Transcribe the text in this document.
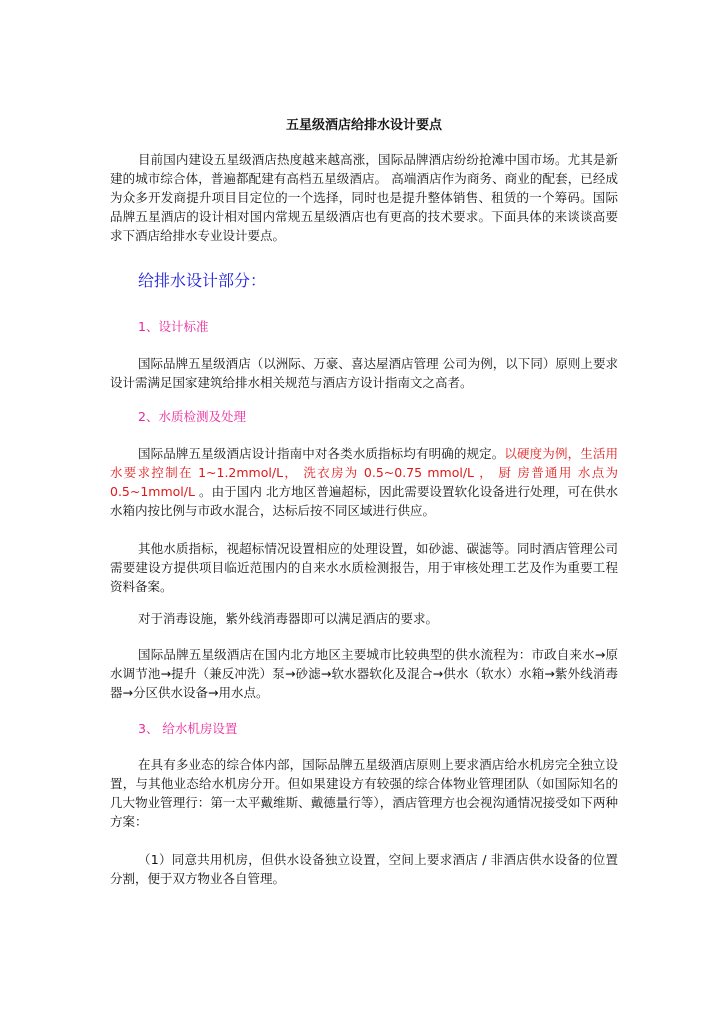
五星级酒店给排水设计要点

目前国内建设五星级酒店热度越来越高涨，国际品牌酒店纷纷抢滩中国市场。尤其是新建的城市综合体，普遍都配建有高档五星级酒店。 高端酒店作为商务、商业的配套，已经成为众多开发商提升项目目定位的一个选择，同时也是提升整体销售、租赁的一个筹码。国际品牌五星酒店的设计相对国内常规五星级酒店也有更高的技术要求。下面具体的来谈谈高要求下酒店给排水专业设计要点。

给排水设计部分：
1、设计标准

国际品牌五星级酒店（以洲际、万豪、喜达屋酒店管理 公司为例，以下同）原则上要求设计需满足国家建筑给排水相关规范与酒店方设计指南文之高者。

2、水质检测及处理

国际品牌五星级酒店设计指南中对各类水质指标均有明确的规定。以硬度为例，生活用水要求控制在 1~1.2mmol/L， 洗衣房为 0.5~0.75 mmol/L ， 厨 房普通用 水点为 0.5~1mmol/L 。由于国内 北方地区普遍超标，因此需要设置软化设备进行处理，可在供水水箱内按比例与市政水混合，达标后按不同区域进行供应。

其他水质指标，视超标情况设置相应的处理设置，如砂滤、碳滤等。同时酒店管理公司需要建设方提供项目临近范围内的自来水水质检测报告，用于审核处理工艺及作为重要工程资料备案。

对于消毒设施，紫外线消毒器即可以满足酒店的要求。

国际品牌五星级酒店在国内北方地区主要城市比较典型的供水流程为：市政自来水→原水调节池→提升（兼反冲洗）泵→砂滤→软水器软化及混合→供水（软水）水箱→紫外线消毒器→分区供水设备→用水点。

3、 给水机房设置

在具有多业态的综合体内部，国际品牌五星级酒店原则上要求酒店给水机房完全独立设置，与其他业态给水机房分开。但如果建设方有较强的综合体物业管理团队（如国际知名的几大物业管理行：第一太平戴维斯、戴德量行等），酒店管理方也会视沟通情况接受如下两种方案：

（1）同意共用机房，但供水设备独立设置，空间上要求酒店 / 非酒店供水设备的位置分割，便于双方物业各自管理。
